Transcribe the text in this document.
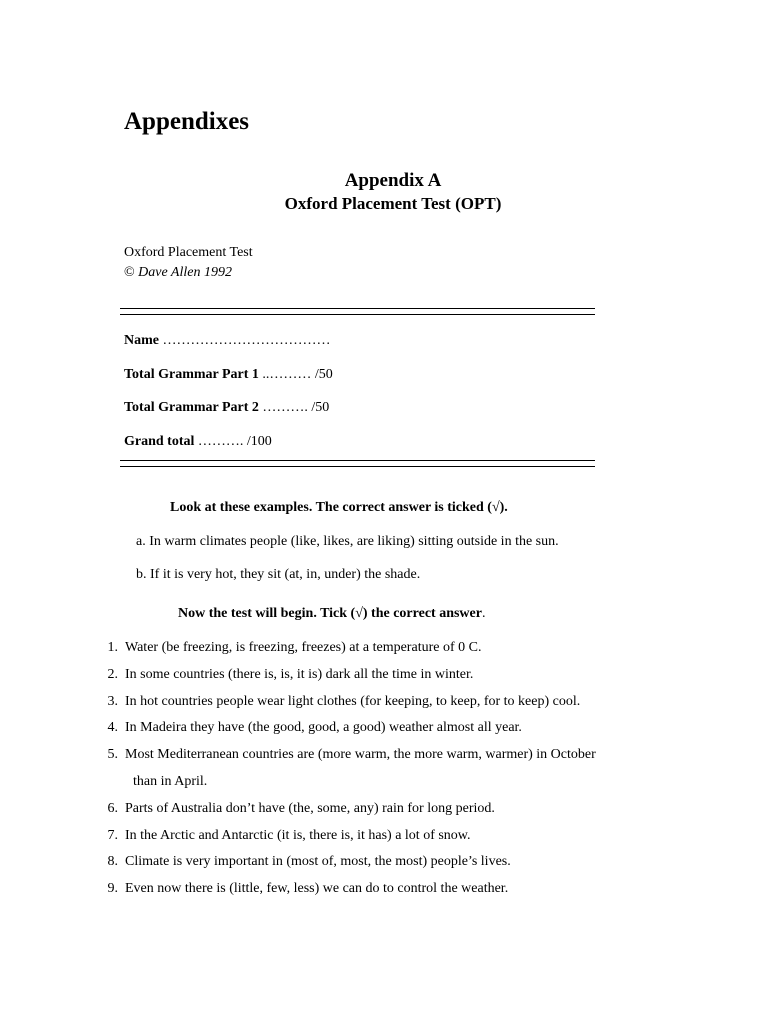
Appendixes
Appendix A
Oxford Placement Test (OPT)
Oxford Placement Test
© Dave Allen 1992
Name ………………………………
Total Grammar Part 1 ..……… /50
Total Grammar Part 2 ………. /50
Grand total ………. /100
Look at these examples. The correct answer is ticked (√).
a. In warm climates people (like, likes, are liking) sitting outside in the sun.
b. If it is very hot, they sit (at, in, under) the shade.
Now the test will begin. Tick (√) the correct answer.
1. Water (be freezing, is freezing, freezes) at a temperature of 0 C.
2. In some countries (there is, is, it is) dark all the time in winter.
3. In hot countries people wear light clothes (for keeping, to keep, for to keep) cool.
4. In Madeira they have (the good, good, a good) weather almost all year.
5. Most Mediterranean countries are (more warm, the more warm, warmer) in October
than in April.
6. Parts of Australia don’t have (the, some, any) rain for long period.
7. In the Arctic and Antarctic (it is, there is, it has) a lot of snow.
8. Climate is very important in (most of, most, the most) people’s lives.
9. Even now there is (little, few, less) we can do to control the weather.
